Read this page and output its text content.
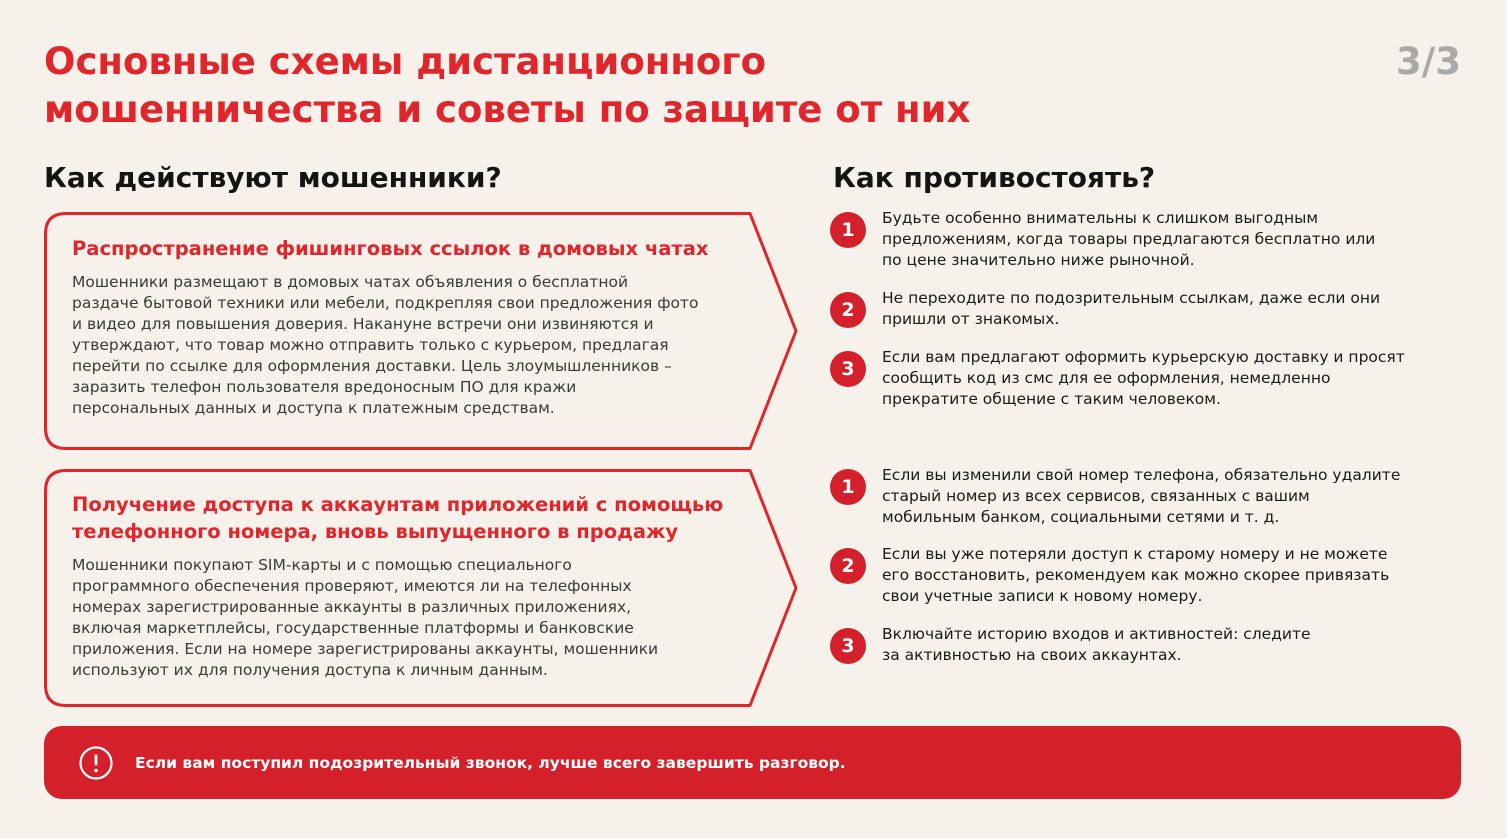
Основные схемы дистанционного
мошенничества и советы по защите от них
3/3
Как действуют мошенники?	Как противостоять?
Распространение фишинговых ссылок в домовых чатах

Мошенники размещают в домовых чатах объявления о бесплатной
раздаче бытовой техники или мебели, подкрепляя свои предложения фото
и видео для повышения доверия. Накануне встречи они извиняются и
утверждают, что товар можно отправить только с курьером, предлагая
перейти по ссылке для оформления доставки. Цель злоумышленников –
заразить телефон пользователя вредоносным ПО для кражи
персональных данных и доступа к платежным средствам.

Получение доступа к аккаунтам приложений с помощью
телефонного номера, вновь выпущенного в продажу

Мошенники покупают SIM-карты и с помощью специального
программного обеспечения проверяют, имеются ли на телефонных
номерах зарегистрированные аккаунты в различных приложениях,
включая маркетплейсы, государственные платформы и банковские
приложения. Если на номере зарегистрированы аккаунты, мошенники
используют их для получения доступа к личным данным.

1

Будьте особенно внимательны к слишком выгодным
предложениям, когда товары предлагаются бесплатно или
по цене значительно ниже рыночной.

2

Не переходите по подозрительным ссылкам, даже если они
пришли от знакомых.

3

Если вам предлагают оформить курьерскую доставку и просят
сообщить код из смс для ее оформления, немедленно
прекратите общение с таким человеком.

1

Если вы изменили свой номер телефона, обязательно удалите
старый номер из всех сервисов, связанных с вашим
мобильным банком, социальными сетями и т. д.

2

Если вы уже потеряли доступ к старому номеру и не можете
его восстановить, рекомендуем как можно скорее привязать
свои учетные записи к новому номеру.

3

Включайте историю входов и активностей: следите
за активностью на своих аккаунтах.

Если вам поступил подозрительный звонок, лучше всего завершить разговор.
